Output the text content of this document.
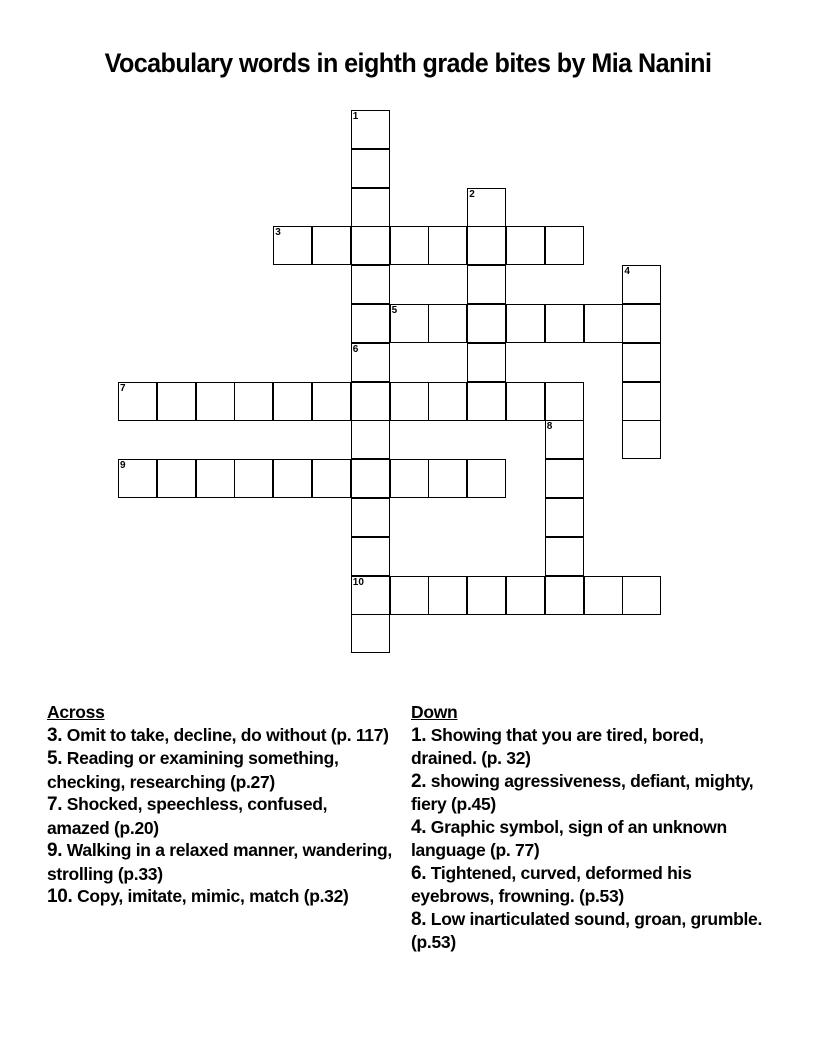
Vocabulary words in eighth grade bites by Mia Nanini
1
2
3
4
5
6
10
7
8
9
Across
3. Omit to take, decline, do without (p. 117)
5. Reading or examining something, checking, researching (p.27)
7. Shocked, speechless, confused, amazed (p.20)
9. Walking in a relaxed manner, wandering, strolling (p.33)
10. Copy, imitate, mimic, match (p.32)
Down
1. Showing that you are tired, bored, drained. (p. 32)
2. showing agressiveness, defiant, mighty, fiery (p.45)
4. Graphic symbol, sign of an unknown language (p. 77)
6. Tightened, curved, deformed his eyebrows, frowning. (p.53)
8. Low inarticulated sound, groan, grumble. (p.53)
